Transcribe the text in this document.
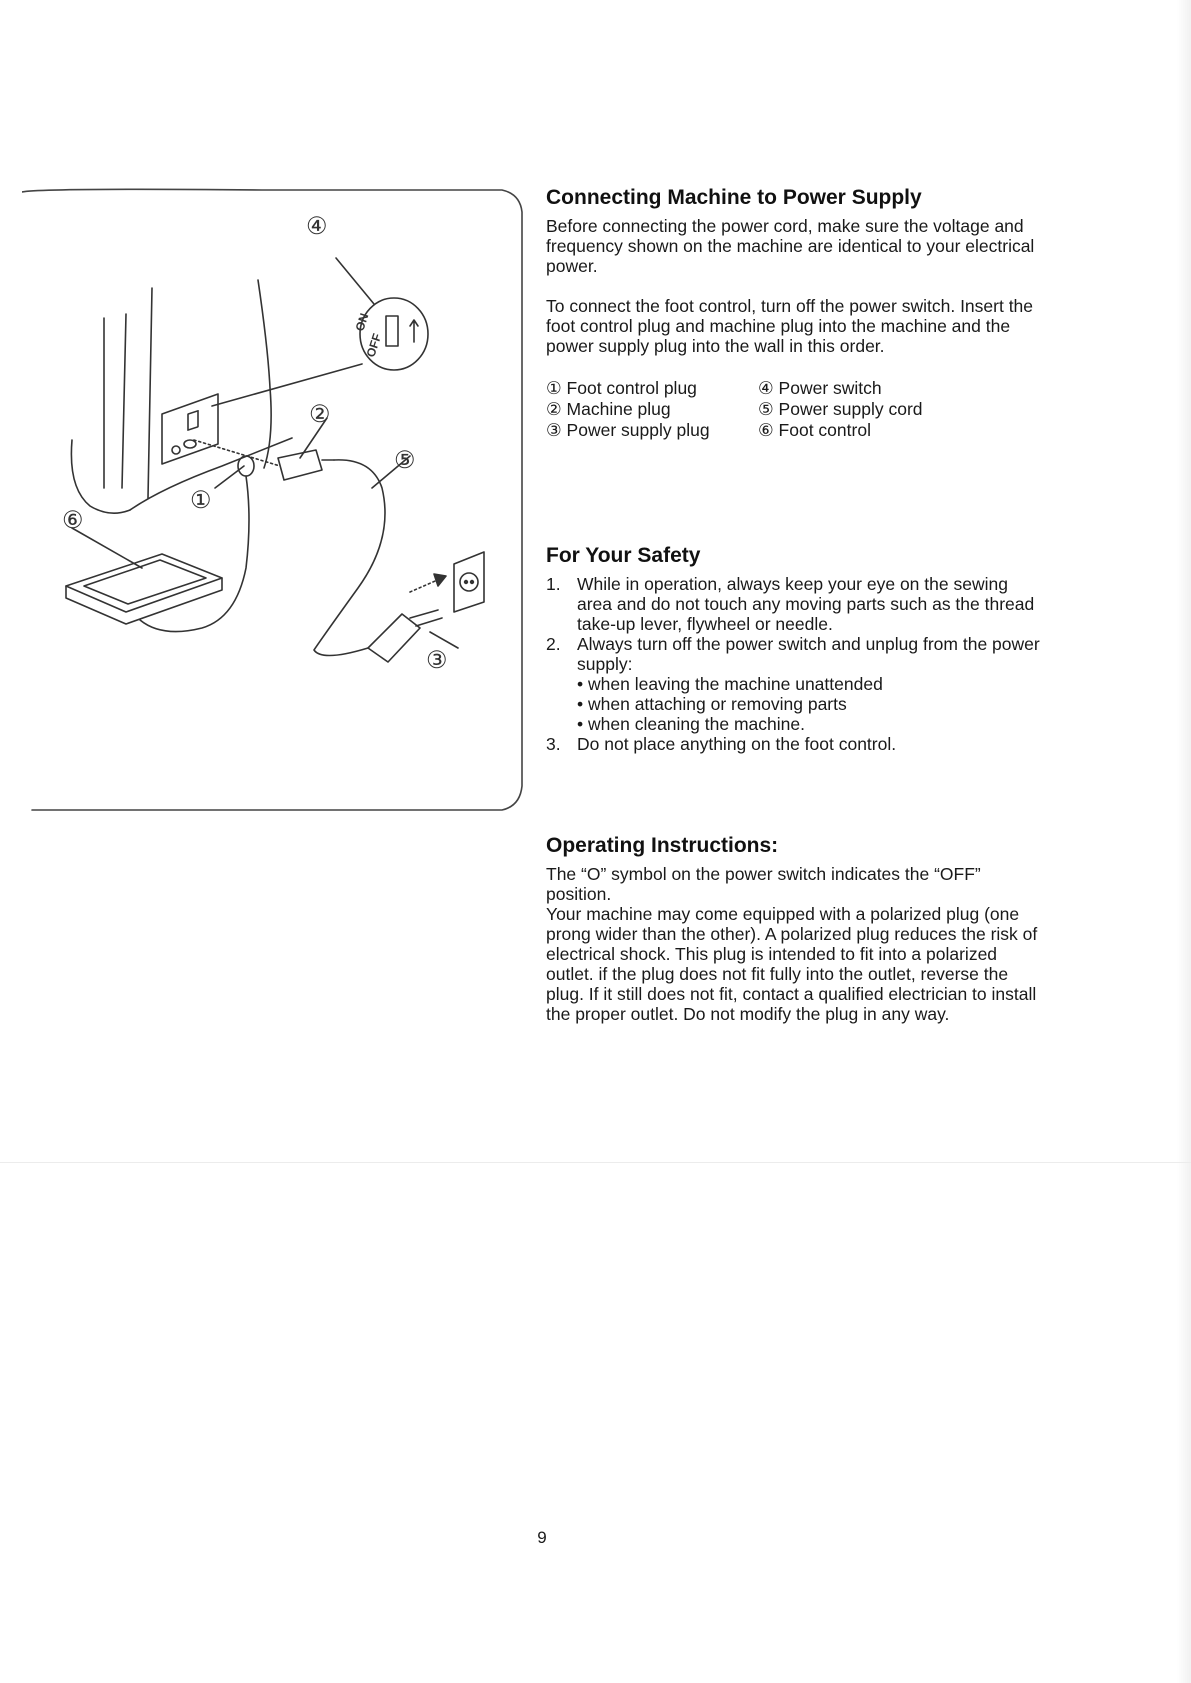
④
②
⑤
①
⑥
③
ON
OFF
Connecting Machine to Power Supply

Before connecting the power cord, make sure the voltage and frequency shown on the machine are identical to your electrical power.

To connect the foot control, turn off the power switch. Insert the foot control plug and machine plug into the machine and the power supply plug into the wall in this order.

① Foot control plug	④ Power switch
② Machine plug	⑤ Power supply cord
③ Power supply plug	⑥ Foot control
For Your Safety
1. While in operation, always keep your eye on the sewing area and do not touch any moving parts such as the thread take-up lever, flywheel or needle.
2. Always turn off the power switch and unplug from the power supply:
• when leaving the machine unattended
• when attaching or removing parts
• when cleaning the machine.
3. Do not place anything on the foot control.
Operating Instructions:

The “O” symbol on the power switch indicates the “OFF” position.

Your machine may come equipped with a polarized plug (one prong wider than the other). A polarized plug reduces the risk of electrical shock. This plug is intended to fit into a polarized outlet. if the plug does not fit fully into the outlet, reverse the plug. If it still does not fit, contact a qualified electrician to install the proper outlet. Do not modify the plug in any way.

9
